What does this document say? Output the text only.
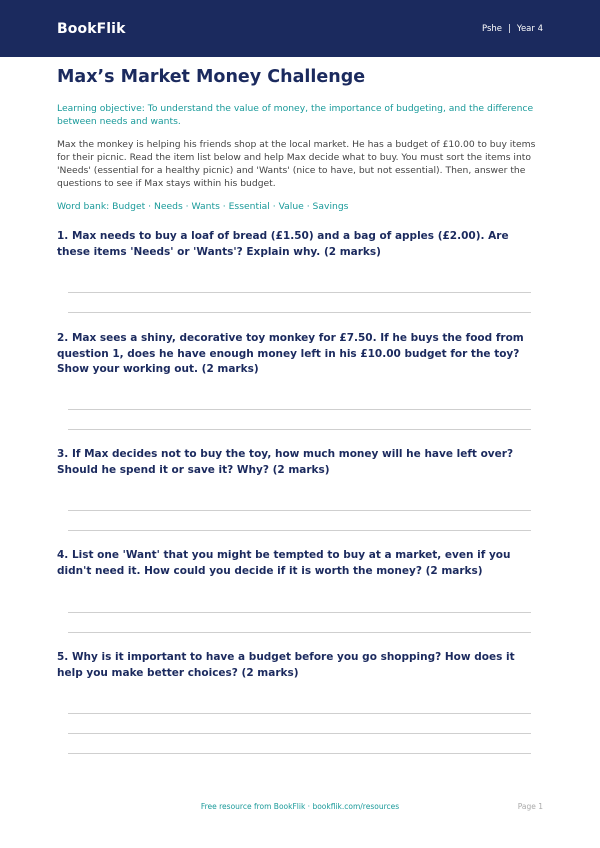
BookFlik	Pshe | Year 4
Max’s Market Money Challenge

Learning objective: To understand the value of money, the importance of budgeting, and the difference between needs and wants.

Max the monkey is helping his friends shop at the local market. He has a budget of £10.00 to buy items for their picnic. Read the item list below and help Max decide what to buy. You must sort the items into 'Needs' (essential for a healthy picnic) and 'Wants' (nice to have, but not essential). Then, answer the questions to see if Max stays within his budget.

Word bank: Budget · Needs · Wants · Essential · Value · Savings

1. Max needs to buy a loaf of bread (£1.50) and a bag of apples (£2.00). Are these items 'Needs' or 'Wants'? Explain why. (2 marks)

2. Max sees a shiny, decorative toy monkey for £7.50. If he buys the food from question 1, does he have enough money left in his £10.00 budget for the toy? Show your working out. (2 marks)

3. If Max decides not to buy the toy, how much money will he have left over? Should he spend it or save it? Why? (2 marks)

4. List one 'Want' that you might be tempted to buy at a market, even if you didn't need it. How could you decide if it is worth the money? (2 marks)

5. Why is it important to have a budget before you go shopping? How does it help you make better choices? (2 marks)

Free resource from BookFlik · bookflik.com/resources	Page 1
